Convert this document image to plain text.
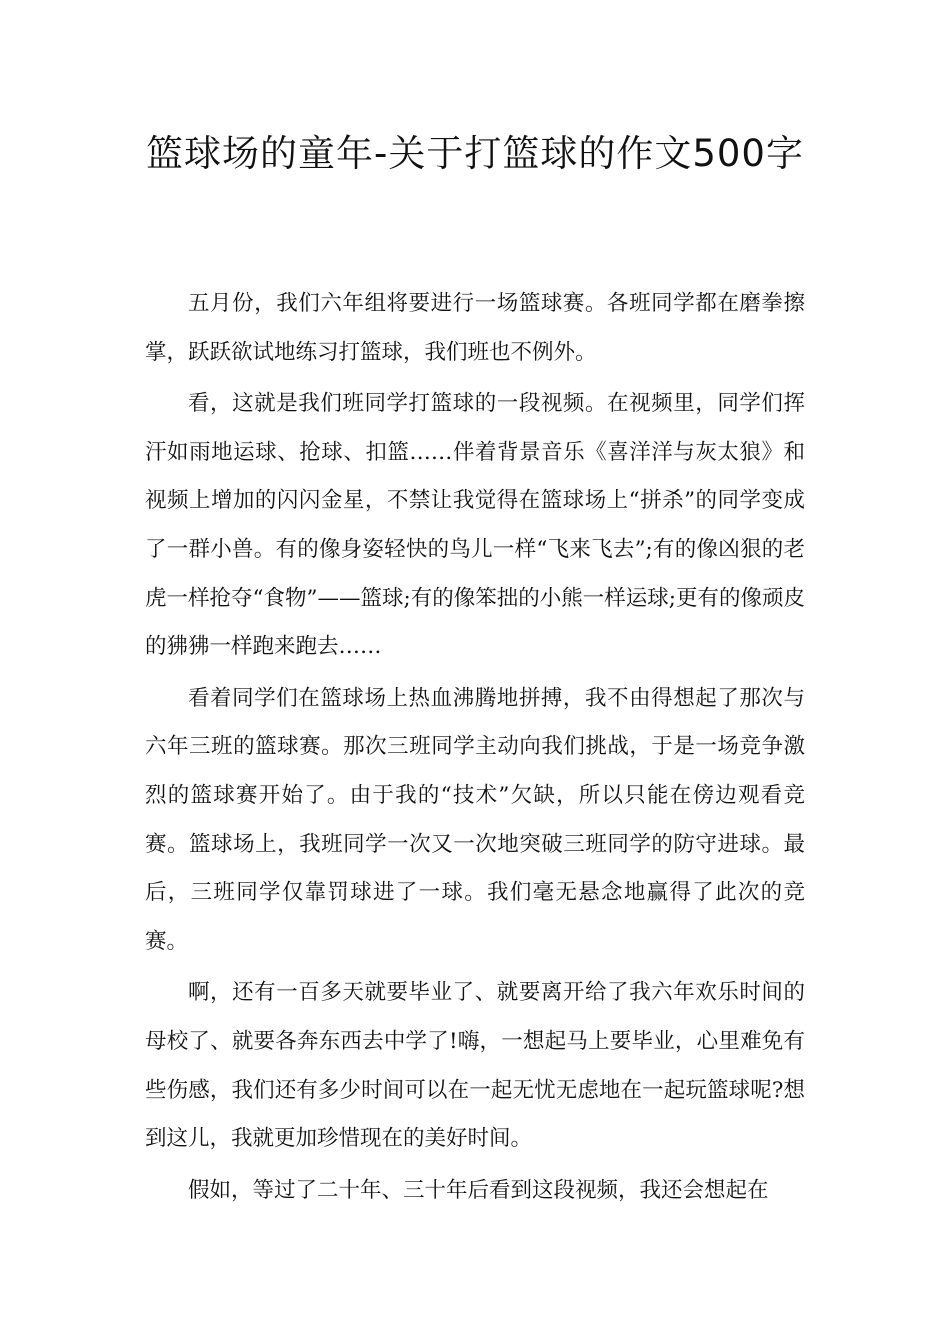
篮球场的童年-关于打篮球的作文500字

五月份，我们六年组将要进行一场篮球赛。各班同学都在磨拳擦掌，跃跃欲试地练习打篮球，我们班也不例外。

看，这就是我们班同学打篮球的一段视频。在视频里，同学们挥汗如雨地运球、抢球、扣篮……伴着背景音乐《喜洋洋与灰太狼》和视频上增加的闪闪金星，不禁让我觉得在篮球场上“拼杀”的同学变成了一群小兽。有的像身姿轻快的鸟儿一样“飞来飞去”;有的像凶狠的老虎一样抢夺“食物”——篮球;有的像笨拙的小熊一样运球;更有的像顽皮的狒狒一样跑来跑去……

看着同学们在篮球场上热血沸腾地拼搏，我不由得想起了那次与六年三班的篮球赛。那次三班同学主动向我们挑战，于是一场竞争激烈的篮球赛开始了。由于我的“技术”欠缺，所以只能在傍边观看竞赛。篮球场上，我班同学一次又一次地突破三班同学的防守进球。最后，三班同学仅靠罚球进了一球。我们毫无悬念地赢得了此次的竞赛。

啊，还有一百多天就要毕业了、就要离开给了我六年欢乐时间的母校了、就要各奔东西去中学了!嗨，一想起马上要毕业，心里难免有些伤感，我们还有多少时间可以在一起无忧无虑地在一起玩篮球呢?想到这儿，我就更加珍惜现在的美好时间。

假如，等过了二十年、三十年后看到这段视频，我还会想起在
